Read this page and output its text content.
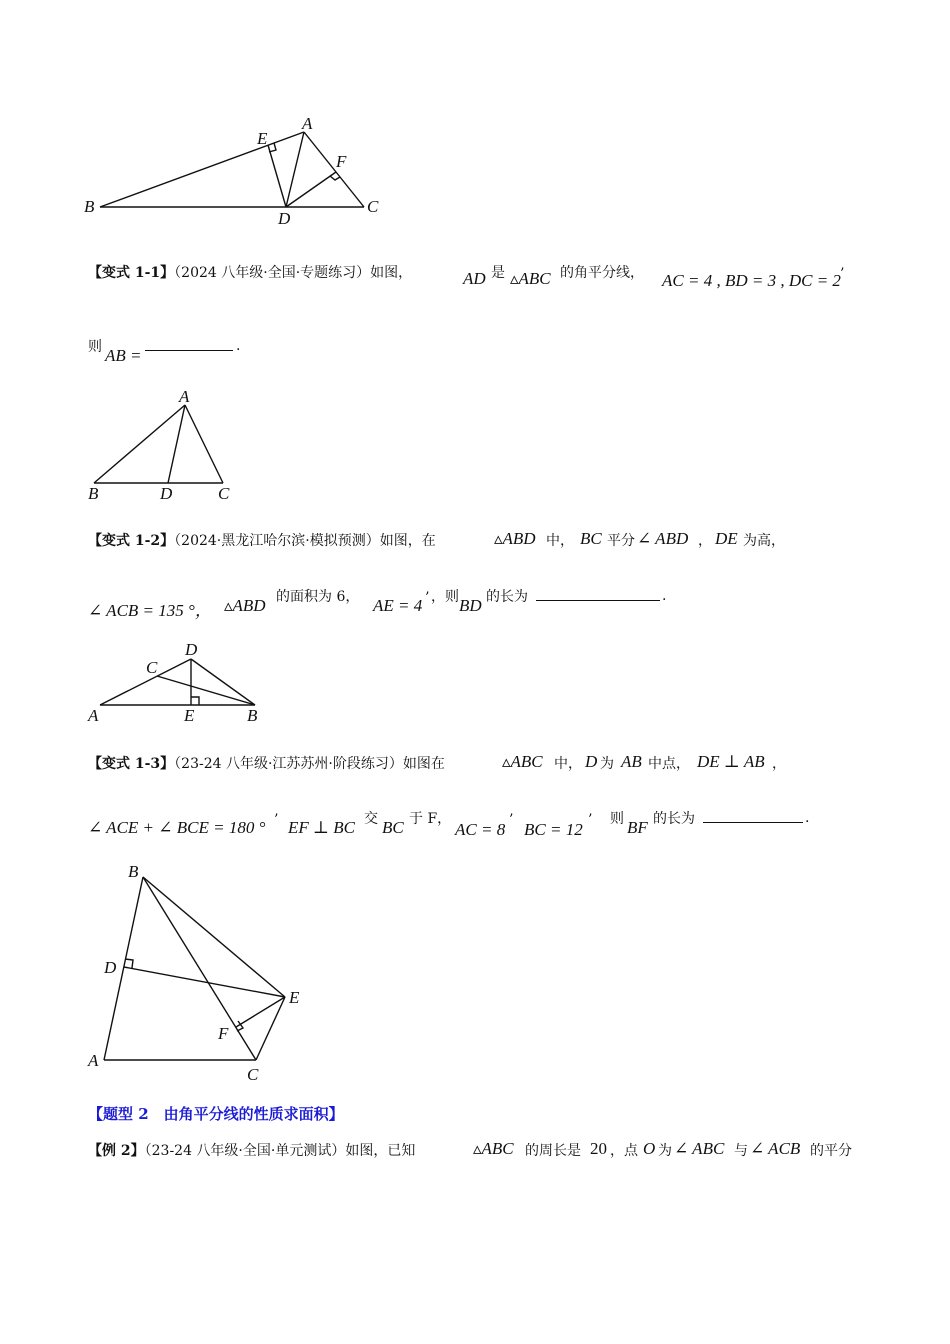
B	C
D
E
A
F
【变式 1-1】（2024 八年级·全国·专题练习）如图，	AD 是 ▵ABC 的角平分线， AC = 4 , BD = 3 , DC = 2 ’
则 AB =	.
A
B	D	C
【变式 1-2】（2024·黑龙江哈尔滨·模拟预测）如图，在	▵ABD 中， BC 平分 ∠ ABD ， DE 为高，
∠ ACB = 135 °， ▵ABD 的面积为 6， AE = 4 ’ ，则 BD 的长为	.
D
C
A	E	B
【变式 1-3】（23-24 八年级·江苏苏州·阶段练习）如图在	▵ABC 中， D 为 AB 中点， DE ⊥ AB ，
∠ ACE + ∠ BCE = 180 ° ’ EF ⊥ BC 交 BC 于 F，
AC = 8 ’ BC = 12 ’ 则 BF 的长为	.
B
D
E
F
A
C
【题型 2　由角平分线的性质求面积】
【例 2】（23-24 八年级·全国·单元测试）如图，已知	▵ABC 的周长是 20 ，点 O 为 ∠ ABC 与 ∠ ACB 的平分
